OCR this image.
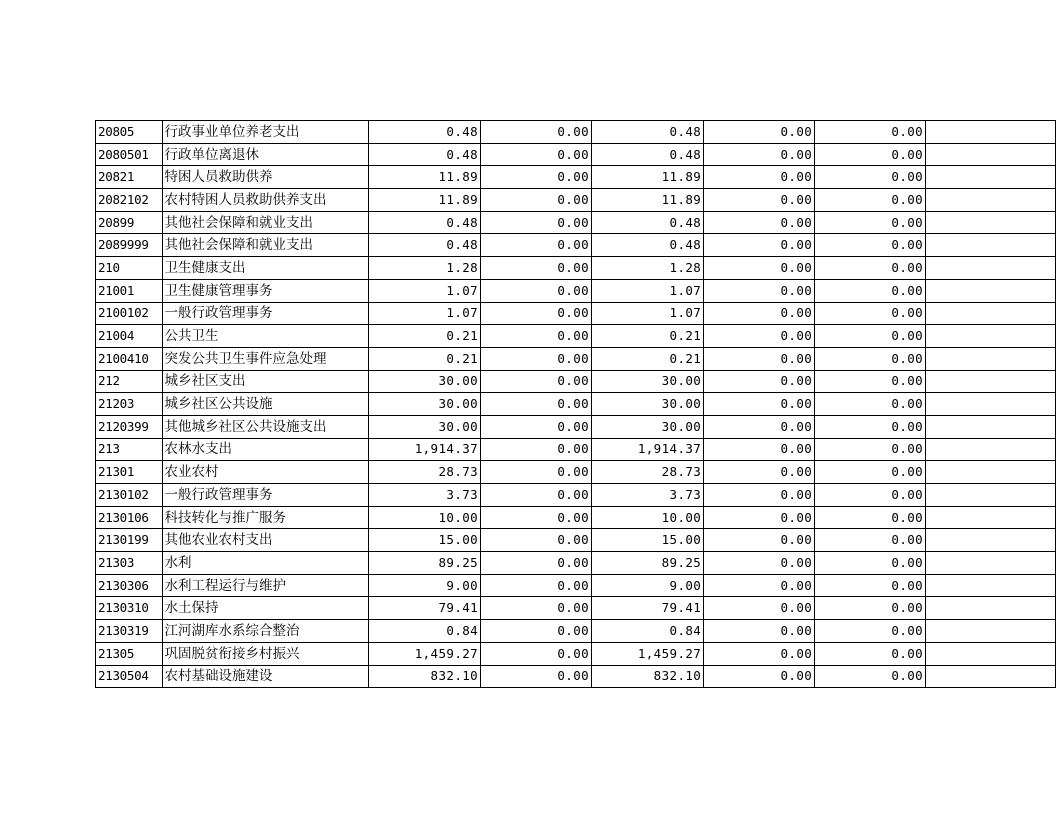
20805	行政事业单位养老支出	0.48	0.00	0.48	0.00	0.00	
2080501	行政单位离退休	0.48	0.00	0.48	0.00	0.00	
20821	特困人员救助供养	11.89	0.00	11.89	0.00	0.00	
2082102	农村特困人员救助供养支出	11.89	0.00	11.89	0.00	0.00	
20899	其他社会保障和就业支出	0.48	0.00	0.48	0.00	0.00	
2089999	其他社会保障和就业支出	0.48	0.00	0.48	0.00	0.00	
210	卫生健康支出	1.28	0.00	1.28	0.00	0.00	
21001	卫生健康管理事务	1.07	0.00	1.07	0.00	0.00	
2100102	一般行政管理事务	1.07	0.00	1.07	0.00	0.00	
21004	公共卫生	0.21	0.00	0.21	0.00	0.00	
2100410	突发公共卫生事件应急处理	0.21	0.00	0.21	0.00	0.00	
212	城乡社区支出	30.00	0.00	30.00	0.00	0.00	
21203	城乡社区公共设施	30.00	0.00	30.00	0.00	0.00	
2120399	其他城乡社区公共设施支出	30.00	0.00	30.00	0.00	0.00	
213	农林水支出	1,914.37	0.00	1,914.37	0.00	0.00	
21301	农业农村	28.73	0.00	28.73	0.00	0.00	
2130102	一般行政管理事务	3.73	0.00	3.73	0.00	0.00	
2130106	科技转化与推广服务	10.00	0.00	10.00	0.00	0.00	
2130199	其他农业农村支出	15.00	0.00	15.00	0.00	0.00	
21303	水利	89.25	0.00	89.25	0.00	0.00	
2130306	水利工程运行与维护	9.00	0.00	9.00	0.00	0.00	
2130310	水土保持	79.41	0.00	79.41	0.00	0.00	
2130319	江河湖库水系综合整治	0.84	0.00	0.84	0.00	0.00	
21305	巩固脱贫衔接乡村振兴	1,459.27	0.00	1,459.27	0.00	0.00	
2130504	农村基础设施建设	832.10	0.00	832.10	0.00	0.00	
